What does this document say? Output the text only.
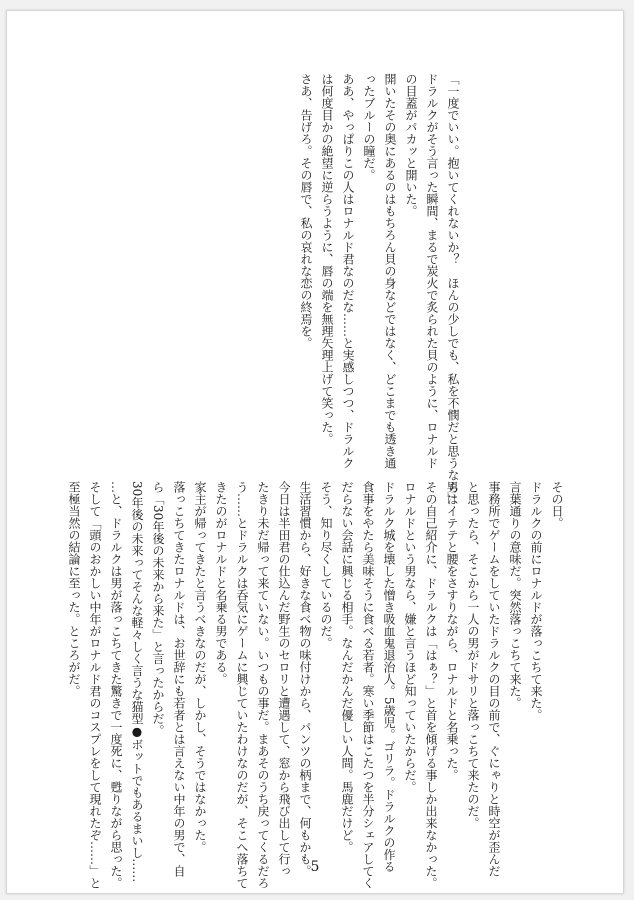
「一度でいい。抱いてくれないか？　ほんの少しでも、私を不憫だと思うなら」

ドラルクがそう言った瞬間、まるで炭火で炙られた貝のように、ロナルド

の目蓋がパカッと開いた。

開いたその奥にあるのはもちろん貝の身などではなく、どこまでも透き通

ったブルーの瞳だ。

ああ、やっぱりこの人はロナルド君なのだな……と実感しつつ、ドラルク

は何度目かの絶望に逆らうように、唇の端を無理矢理上げて笑った。

さあ、告げろ。その唇で、私の哀れな恋の終焉を。

その日。

ドラルクの前にロナルドが落っこちて来た。

言葉通りの意味だ。突然落っこちて来た。

事務所でゲームをしていたドラルクの目の前で、ぐにゃりと時空が歪んだ

と思ったら、そこから一人の男がドサリと落っこちて来たのだ。

男はイテテと腰をさすりながら、ロナルドと名乗った。

その自己紹介に、ドラルクは「はぁ？」と首を傾げる事しか出来なかった。

ロナルドという男なら、嫌と言うほど知っていたからだ。

ドラルク城を壊した憎き吸血鬼退治人。5歳児。ゴリラ。ドラルクの作る

食事をやたら美味そうに食べる若者。寒い季節はこたつを半分シェアしてく

だらない会話に興じる相手。なんだかんだ優しい人間。馬鹿だけど。

そう、知り尽くしているのだ。

生活習慣から、好きな食べ物の味付けから、パンツの柄まで、何もかも。

今日は半田君の仕込んだ野生のセロリと遭遇して、窓から飛び出して行っ

たきり未だ帰って来ていない。いつもの事だ。まあそのうち戻ってくるだろ

う……とドラルクは呑気にゲームに興じていたわけなのだが、そこへ落ちて

きたのがロナルドと名乗る男である。

家主が帰ってきたと言うべきなのだが、しかし、そうではなかった。

落っこちてきたロナルドは、お世辞にも若者とは言えない中年の男で、自

ら「30年後の未来から来た」と言ったからだ。

30年後の未来ってそんな軽々しく言うな猫型●ボットでもあるまいし……

…と、ドラルクは男が落っこちてきた驚きで一度死に、甦りながら思った。

そして「頭のおかしい中年がロナルド君のコスプレをして現れたぞ……」と

至極当然の結論に至った。ところがだ。

5
